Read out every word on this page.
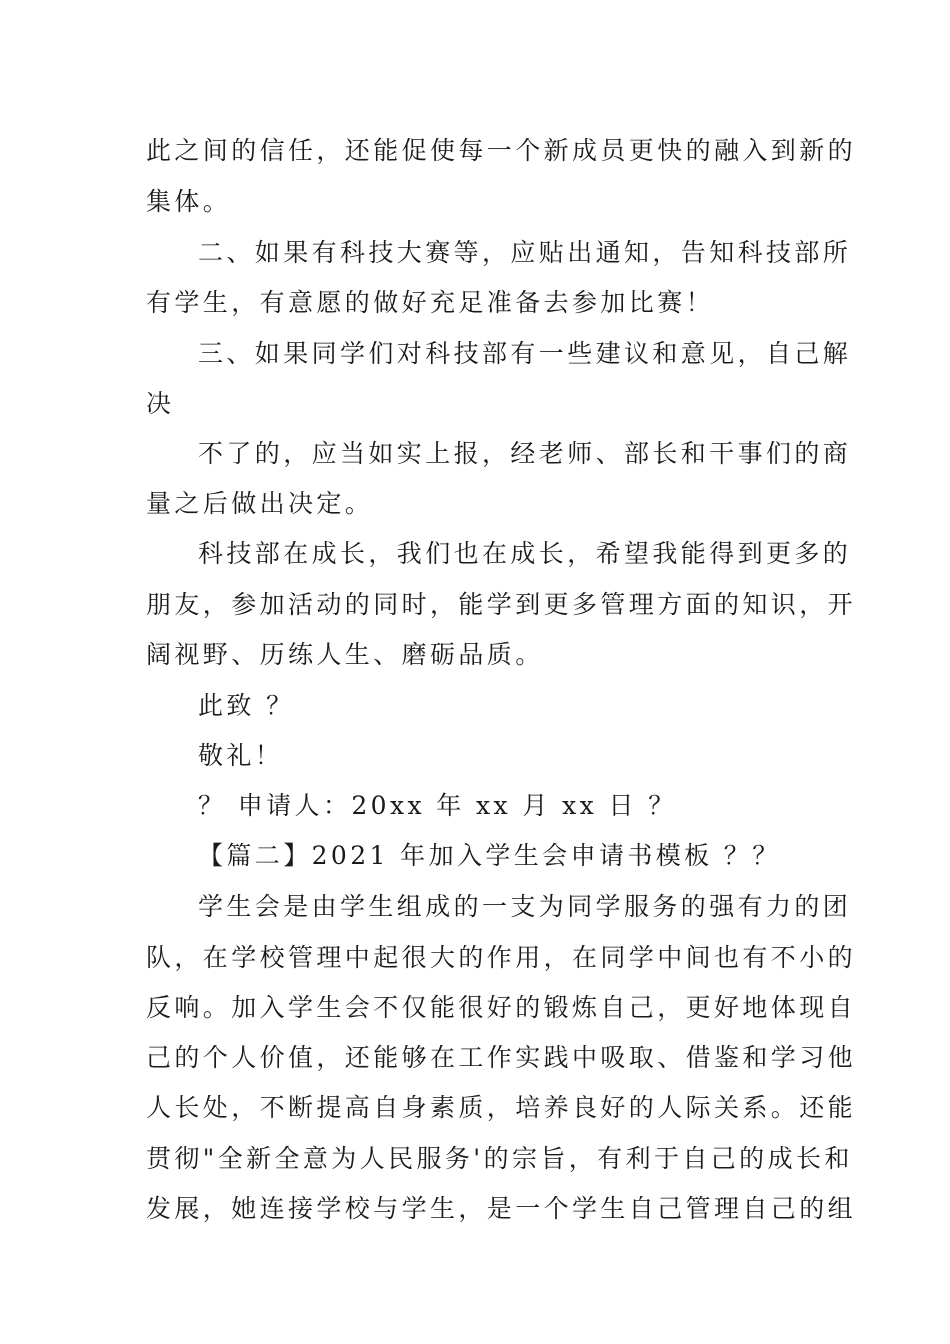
此之间的信任，还能促使每一个新成员更快的融入到新的
集体。
二、如果有科技大赛等，应贴出通知，告知科技部所
有学生，有意愿的做好充足准备去参加比赛！
三、如果同学们对科技部有一些建议和意见，自己解
决
不了的，应当如实上报，经老师、部长和干事们的商
量之后做出决定。
科技部在成长，我们也在成长，希望我能得到更多的
朋友，参加活动的同时，能学到更多管理方面的知识，开
阔视野、历练人生、磨砺品质。
此致 ？
敬礼！
？ 申请人：20xx 年 xx 月 xx 日 ？
【篇二】2021 年加入学生会申请书模板 ？？
学生会是由学生组成的一支为同学服务的强有力的团
队，在学校管理中起很大的作用，在同学中间也有不小的
反响。加入学生会不仅能很好的锻炼自己，更好地体现自
己的个人价值，还能够在工作实践中吸取、借鉴和学习他
人长处，不断提高自身素质，培养良好的人际关系。还能
贯彻"全新全意为人民服务'的宗旨，有利于自己的成长和
发展，她连接学校与学生，是一个学生自己管理自己的组
